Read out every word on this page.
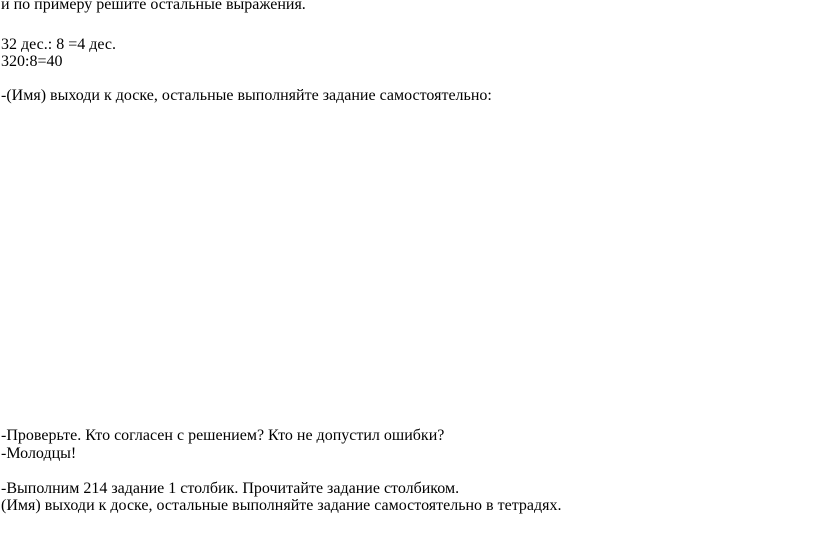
и по примеру решите остальные выражения.
32 дес.: 8 =4 дес.
320:8=40
-(Имя) выходи к доске, остальные выполняйте задание самостоятельно:
-Проверьте. Кто согласен с решением? Кто не допустил ошибки?
-Молодцы!
-Выполним 214 задание 1 столбик. Прочитайте задание столбиком.
(Имя) выходи к доске, остальные выполняйте задание самостоятельно в тетрадях.
